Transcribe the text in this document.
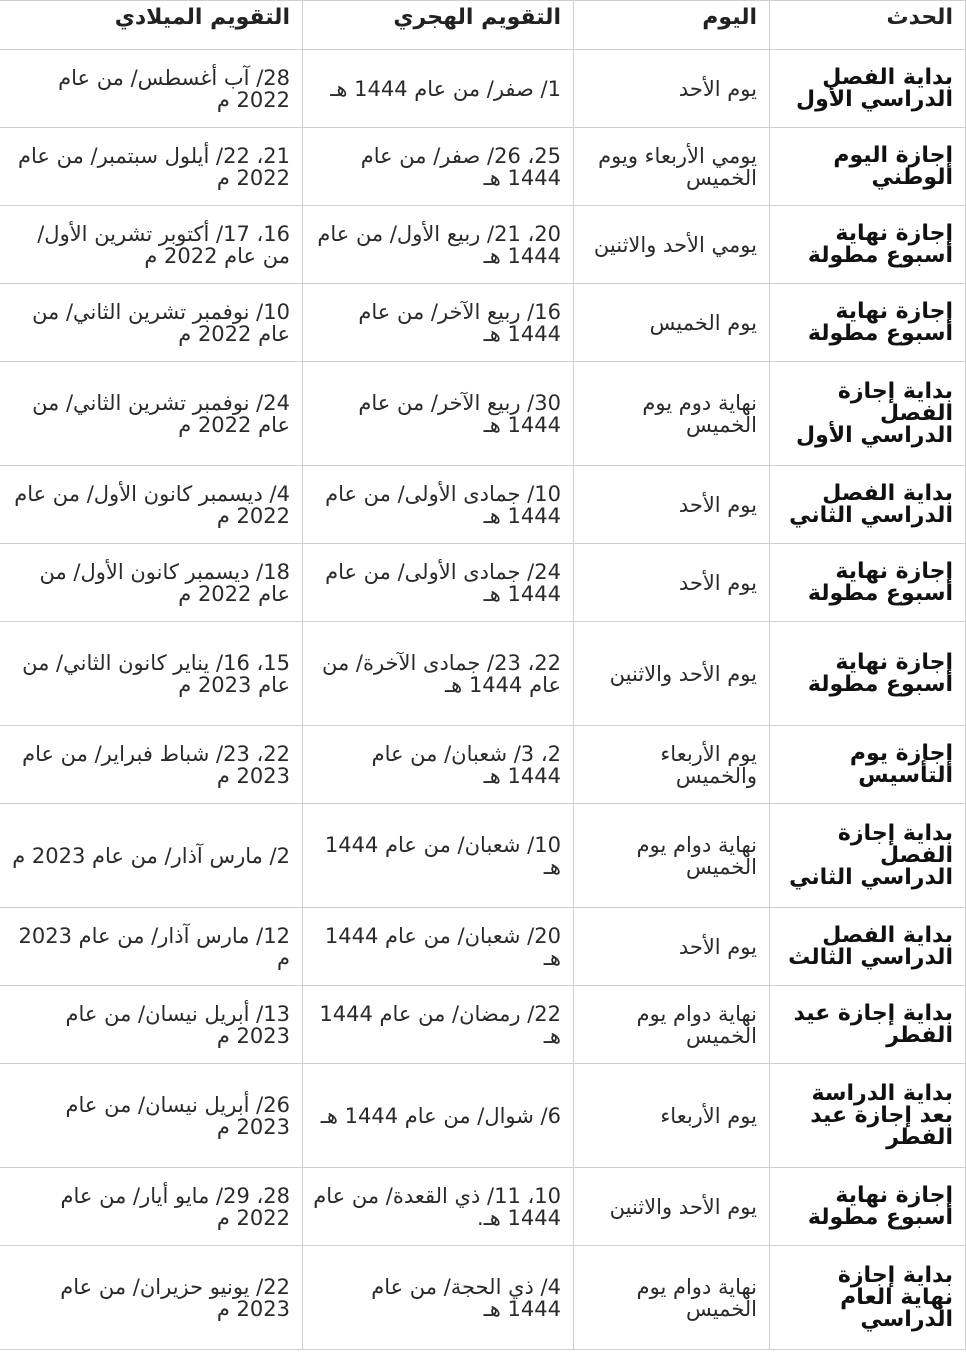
الحدث	اليوم	التقويم الهجري	التقويم الميلادي
بداية الفصل الدراسي الأول	يوم الأحد	1/ صفر/ من عام 1444 هـ	28/ آب أغسطس/ من عام 2022 م
إجازة اليوم الوطني	يومي الأربعاء ويوم الخميس	25، 26/ صفر/ من عام 1444 هـ	21، 22/ أيلول سبتمبر/ من عام 2022 م
إجازة نهاية أسبوع مطولة	يومي الأحد والاثنين	20، 21/ ربيع الأول/ من عام 1444 هـ	16، 17/ أكتوبر تشرين الأول/ من عام 2022 م
إجازة نهاية أسبوع مطولة	يوم الخميس	16/ ربيع الآخر/ من عام 1444 هـ	10/ نوفمبر تشرين الثاني/ من عام 2022 م
بداية إجازة الفصل الدراسي الأول	نهاية دوم يوم الخميس	30/ ربيع الآخر/ من عام 1444 هـ	24/ نوفمبر تشرين الثاني/ من عام 2022 م
بداية الفصل الدراسي الثاني	يوم الأحد	10/ جمادى الأولى/ من عام 1444 هـ	4/ ديسمبر كانون الأول/ من عام 2022 م
إجازة نهاية أسبوع مطولة	يوم الأحد	24/ جمادى الأولى/ من عام 1444 هـ	18/ ديسمبر كانون الأول/ من عام 2022 م
إجازة نهاية أسبوع مطولة	يوم الأحد والاثنين	22، 23/ جمادى الآخرة/ من عام 1444 هـ	15، 16/ يناير كانون الثاني/ من عام 2023 م
إجازة يوم التأسيس	يوم الأربعاء والخميس	2، 3/ شعبان/ من عام 1444 هـ	22، 23/ شباط فبراير/ من عام 2023 م
بداية إجازة الفصل الدراسي الثاني	نهاية دوام يوم الخميس	10/ شعبان/ من عام 1444 هـ	2/ مارس آذار/ من عام 2023 م
بداية الفصل الدراسي الثالث	يوم الأحد	20/ شعبان/ من عام 1444 هـ	12/ مارس آذار/ من عام 2023 م
بداية إجازة عيد الفطر	نهاية دوام يوم الخميس	22/ رمضان/ من عام 1444 هـ	13/ أبريل نيسان/ من عام 2023 م
بداية الدراسة بعد إجازة عيد الفطر	يوم الأربعاء	6/ شوال/ من عام 1444 هـ	26/ أبريل نيسان/ من عام 2023 م
إجازة نهاية أسبوع مطولة	يوم الأحد والاثنين	10، 11/ ذي القعدة/ من عام 1444 هـ.	28، 29/ مايو أيار/ من عام 2022 م
بداية إجازة نهاية العام الدراسي	نهاية دوام يوم الخميس	4/ ذي الحجة/ من عام 1444 هـ	22/ يونيو حزيران/ من عام 2023 م
